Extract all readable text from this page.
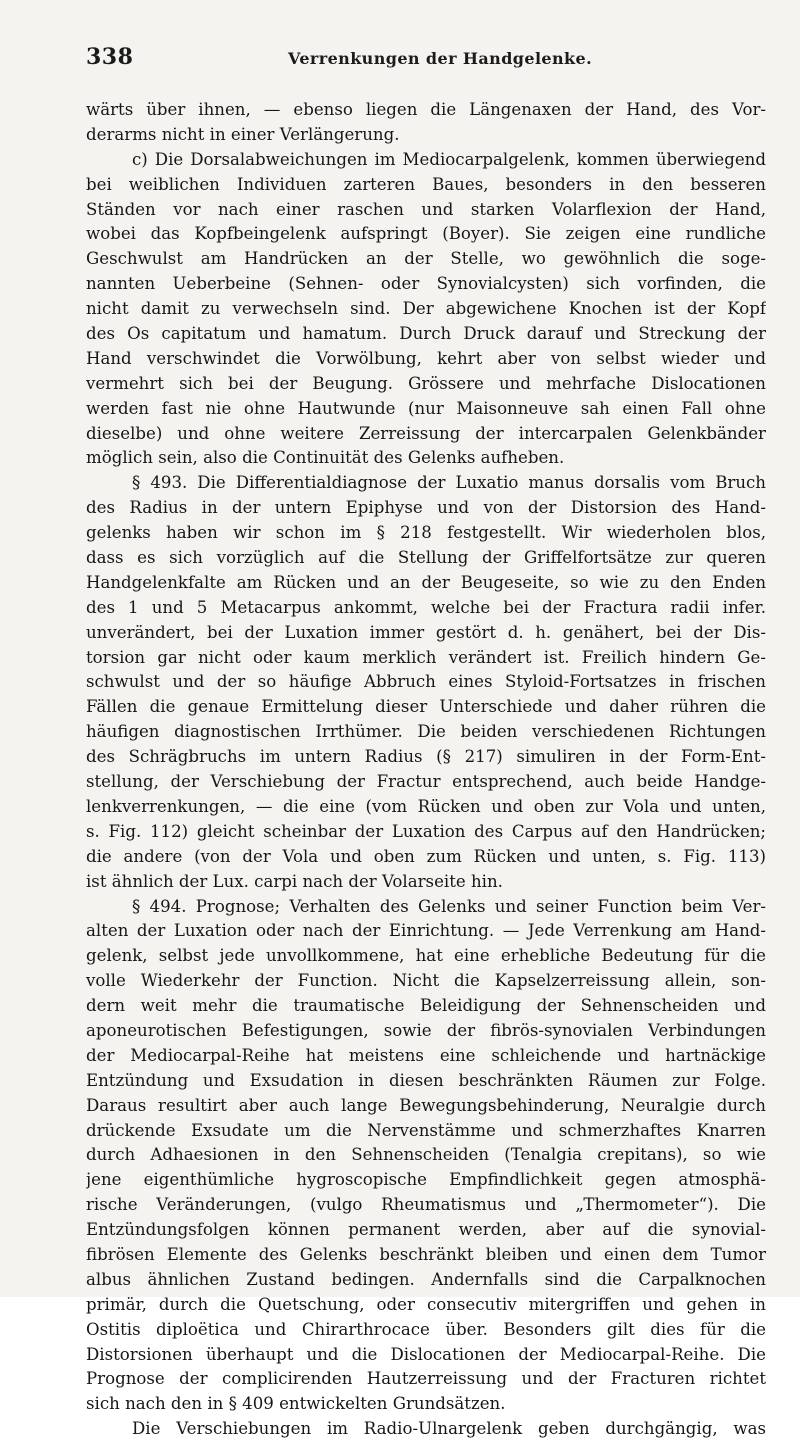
338	Verrenkungen der Handgelenke.
wärts über ihnen, — ebenso liegen die Längenaxen der Hand, des Vor-
derarms nicht in einer Verlängerung.
c) Die Dorsalabweichungen im Mediocarpalgelenk, kommen überwiegend
bei weiblichen Individuen zarteren Baues, besonders in den besseren
Ständen vor nach einer raschen und starken Volarflexion der Hand,
wobei das Kopfbeingelenk aufspringt (Boyer). Sie zeigen eine rundliche
Geschwulst am Handrücken an der Stelle, wo gewöhnlich die soge-
nannten Ueberbeine (Sehnen- oder Synovialcysten) sich vorfinden, die
nicht damit zu verwechseln sind. Der abgewichene Knochen ist der Kopf
des Os capitatum und hamatum. Durch Druck darauf und Streckung der
Hand verschwindet die Vorwölbung, kehrt aber von selbst wieder und
vermehrt sich bei der Beugung. Grössere und mehrfache Dislocationen
werden fast nie ohne Hautwunde (nur Maisonneuve sah einen Fall ohne
dieselbe) und ohne weitere Zerreissung der intercarpalen Gelenkbänder
möglich sein, also die Continuität des Gelenks aufheben.
§ 493. Die Differentialdiagnose der Luxatio manus dorsalis vom Bruch
des Radius in der untern Epiphyse und von der Distorsion des Hand-
gelenks haben wir schon im § 218 festgestellt. Wir wiederholen blos,
dass es sich vorzüglich auf die Stellung der Griffelfortsätze zur queren
Handgelenkfalte am Rücken und an der Beugeseite, so wie zu den Enden
des 1 und 5 Metacarpus ankommt, welche bei der Fractura radii infer.
unverändert, bei der Luxation immer gestört d. h. genähert, bei der Dis-
torsion gar nicht oder kaum merklich verändert ist. Freilich hindern Ge-
schwulst und der so häufige Abbruch eines Styloid-Fortsatzes in frischen
Fällen die genaue Ermittelung dieser Unterschiede und daher rühren die
häufigen diagnostischen Irrthümer. Die beiden verschiedenen Richtungen
des Schrägbruchs im untern Radius (§ 217) simuliren in der Form-Ent-
stellung, der Verschiebung der Fractur entsprechend, auch beide Handge-
lenkverrenkungen, — die eine (vom Rücken und oben zur Vola und unten,
s. Fig. 112) gleicht scheinbar der Luxation des Carpus auf den Handrücken;
die andere (von der Vola und oben zum Rücken und unten, s. Fig. 113)
ist ähnlich der Lux. carpi nach der Volarseite hin.
§ 494. Prognose; Verhalten des Gelenks und seiner Function beim Ver-
alten der Luxation oder nach der Einrichtung. — Jede Verrenkung am Hand-
gelenk, selbst jede unvollkommene, hat eine erhebliche Bedeutung für die
volle Wiederkehr der Function. Nicht die Kapselzerreissung allein, son-
dern weit mehr die traumatische Beleidigung der Sehnenscheiden und
aponeurotischen Befestigungen, sowie der fibrös-synovialen Verbindungen
der Mediocarpal-Reihe hat meistens eine schleichende und hartnäckige
Entzündung und Exsudation in diesen beschränkten Räumen zur Folge.
Daraus resultirt aber auch lange Bewegungsbehinderung, Neuralgie durch
drückende Exsudate um die Nervenstämme und schmerzhaftes Knarren
durch Adhaesionen in den Sehnenscheiden (Tenalgia crepitans), so wie
jene eigenthümliche hygroscopische Empfindlichkeit gegen atmosphä-
rische Veränderungen, (vulgo Rheumatismus und „Thermometer“). Die
Entzündungsfolgen können permanent werden, aber auf die synovial-
fibrösen Elemente des Gelenks beschränkt bleiben und einen dem Tumor
albus ähnlichen Zustand bedingen. Andernfalls sind die Carpalknochen
primär, durch die Quetschung, oder consecutiv mitergriffen und gehen in
Ostitis diploëtica und Chirarthrocace über. Besonders gilt dies für die
Distorsionen überhaupt und die Dislocationen der Mediocarpal-Reihe. Die
Prognose der complicirenden Hautzerreissung und der Fracturen richtet
sich nach den in § 409 entwickelten Grundsätzen.
Die Verschiebungen im Radio-Ulnargelenk geben durchgängig, was
